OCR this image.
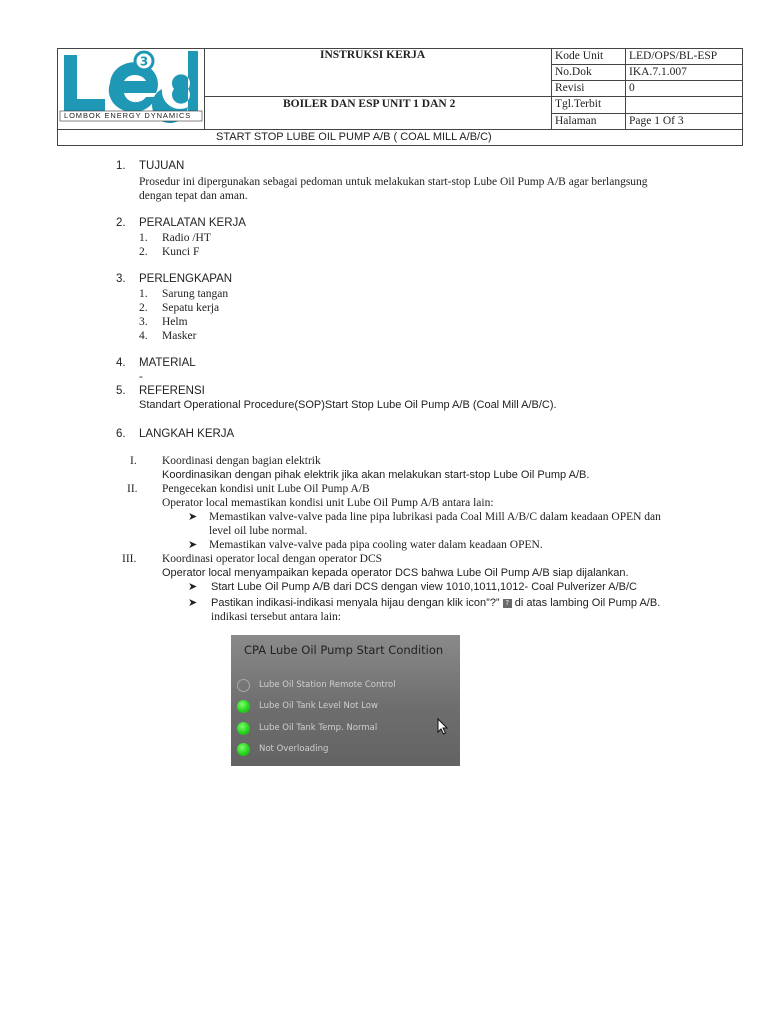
3
LOMBOK ENERGY DYNAMICS
INSTRUKSI KERJA
BOILER DAN ESP UNIT 1 DAN 2
Kode Unit LED/OPS/BL-ESP
No.Dok	IKA.7.1.007
Revisi	0
Tgl.Terbit
Halaman	Page 1 Of 3
START STOP LUBE OIL PUMP A/B ( COAL MILL A/B/C)
1. TUJUAN
Prosedur ini dipergunakan sebagai pedoman untuk melakukan start-stop Lube Oil Pump A/B agar berlangsung
dengan tepat dan aman.
2. PERALATAN KERJA
1. Radio /HT
2. Kunci F
3. PERLENGKAPAN
1. Sarung tangan
2. Sepatu kerja
3. Helm
4. Masker
4. MATERIAL
-
5. REFERENSI
Standart Operational Procedure(SOP)Start Stop Lube Oil Pump A/B (Coal Mill A/B/C).
6. LANGKAH KERJA
I. Koordinasi dengan bagian elektrik
Koordinasikan dengan pihak elektrik jika akan melakukan start-stop Lube Oil Pump A/B.
II. Pengecekan kondisi unit Lube Oil Pump A/B
Operator local memastikan kondisi unit Lube Oil Pump A/B antara lain:
➤ Memastikan valve-valve pada line pipa lubrikasi pada Coal Mill A/B/C dalam keadaan OPEN dan
level oil lube normal.
➤ Memastikan valve-valve pada pipa cooling water dalam keadaan OPEN.
III. Koordinasi operator local dengan operator DCS
Operator local menyampaikan kepada operator DCS bahwa Lube Oil Pump A/B siap dijalankan.
➤ Start Lube Oil Pump A/B dari DCS dengan view 1010,1011,1012- Coal Pulverizer A/B/C
➤ Pastikan indikasi-indikasi menyala hijau dengan klik icon”?” ? di atas lambing Oil Pump A/B.
indikasi tersebut antara lain:
CPA Lube Oil Pump Start Condition
Lube Oil Station Remote Control
Lube Oil Tank Level Not Low
Lube Oil Tank Temp. Normal
Not Overloading
